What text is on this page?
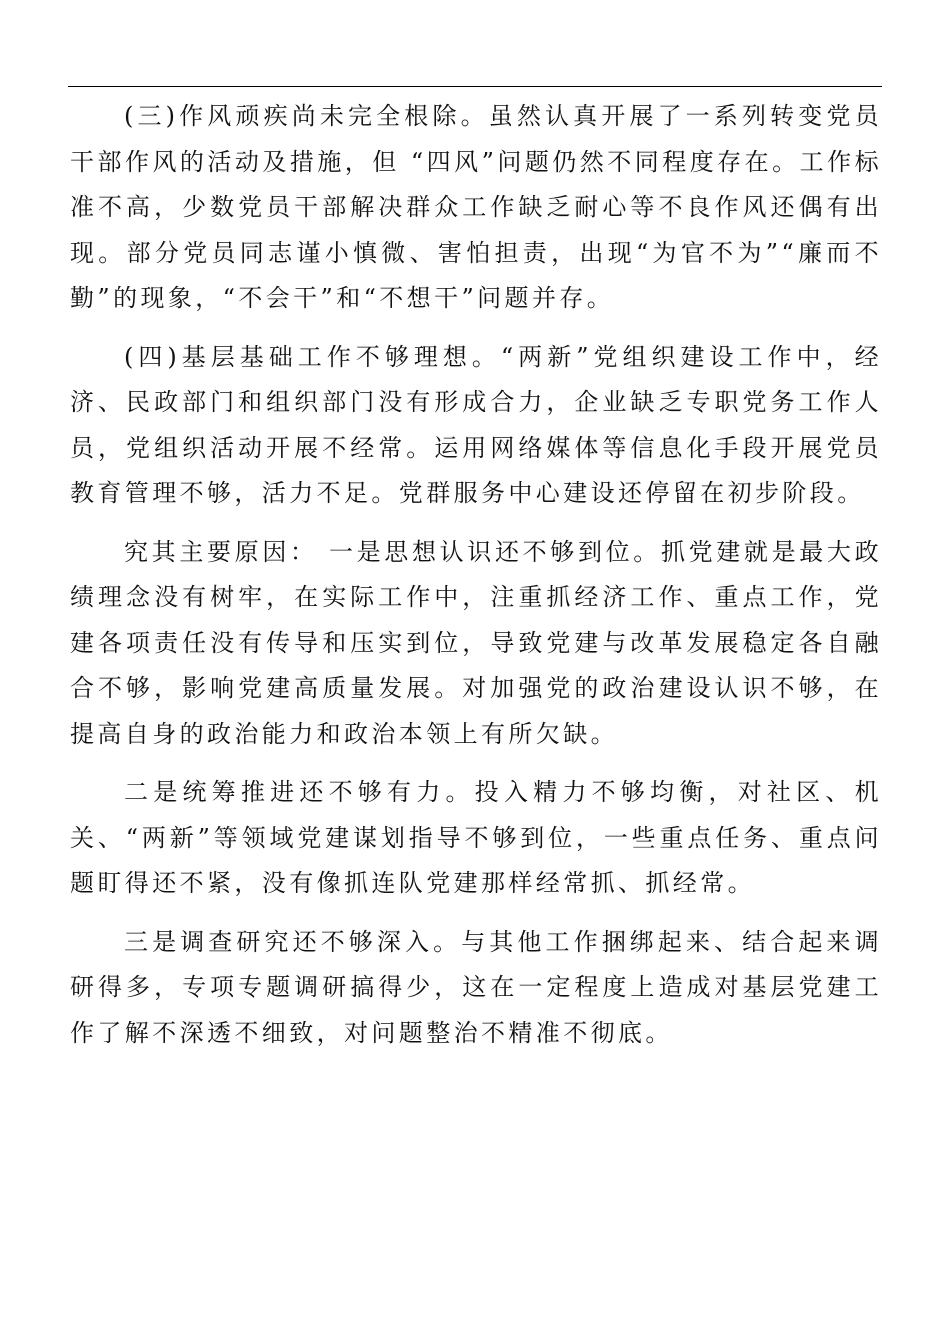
(三)作风顽疾尚未完全根除。虽然认真开展了一系列转变党员干部作风的活动及措施，但 “四风”问题仍然不同程度存在。工作标准不高，少数党员干部解决群众工作缺乏耐心等不良作风还偶有出现。部分党员同志谨小慎微、害怕担责，出现“为官不为”“廉而不勤”的现象，“不会干”和“不想干”问题并存。

(四)基层基础工作不够理想。“两新”党组织建设工作中，经济、民政部门和组织部门没有形成合力，企业缺乏专职党务工作人员，党组织活动开展不经常。运用网络媒体等信息化手段开展党员教育管理不够，活力不足。党群服务中心建设还停留在初步阶段。

究其主要原因： 一是思想认识还不够到位。抓党建就是最大政绩理念没有树牢，在实际工作中，注重抓经济工作、重点工作，党建各项责任没有传导和压实到位，导致党建与改革发展稳定各自融合不够，影响党建高质量发展。对加强党的政治建设认识不够，在提高自身的政治能力和政治本领上有所欠缺。

二是统筹推进还不够有力。投入精力不够均衡，对社区、机关、“两新”等领域党建谋划指导不够到位，一些重点任务、重点问题盯得还不紧，没有像抓连队党建那样经常抓、抓经常。

三是调查研究还不够深入。与其他工作捆绑起来、结合起来调研得多，专项专题调研搞得少，这在一定程度上造成对基层党建工作了解不深透不细致，对问题整治不精准不彻底。
